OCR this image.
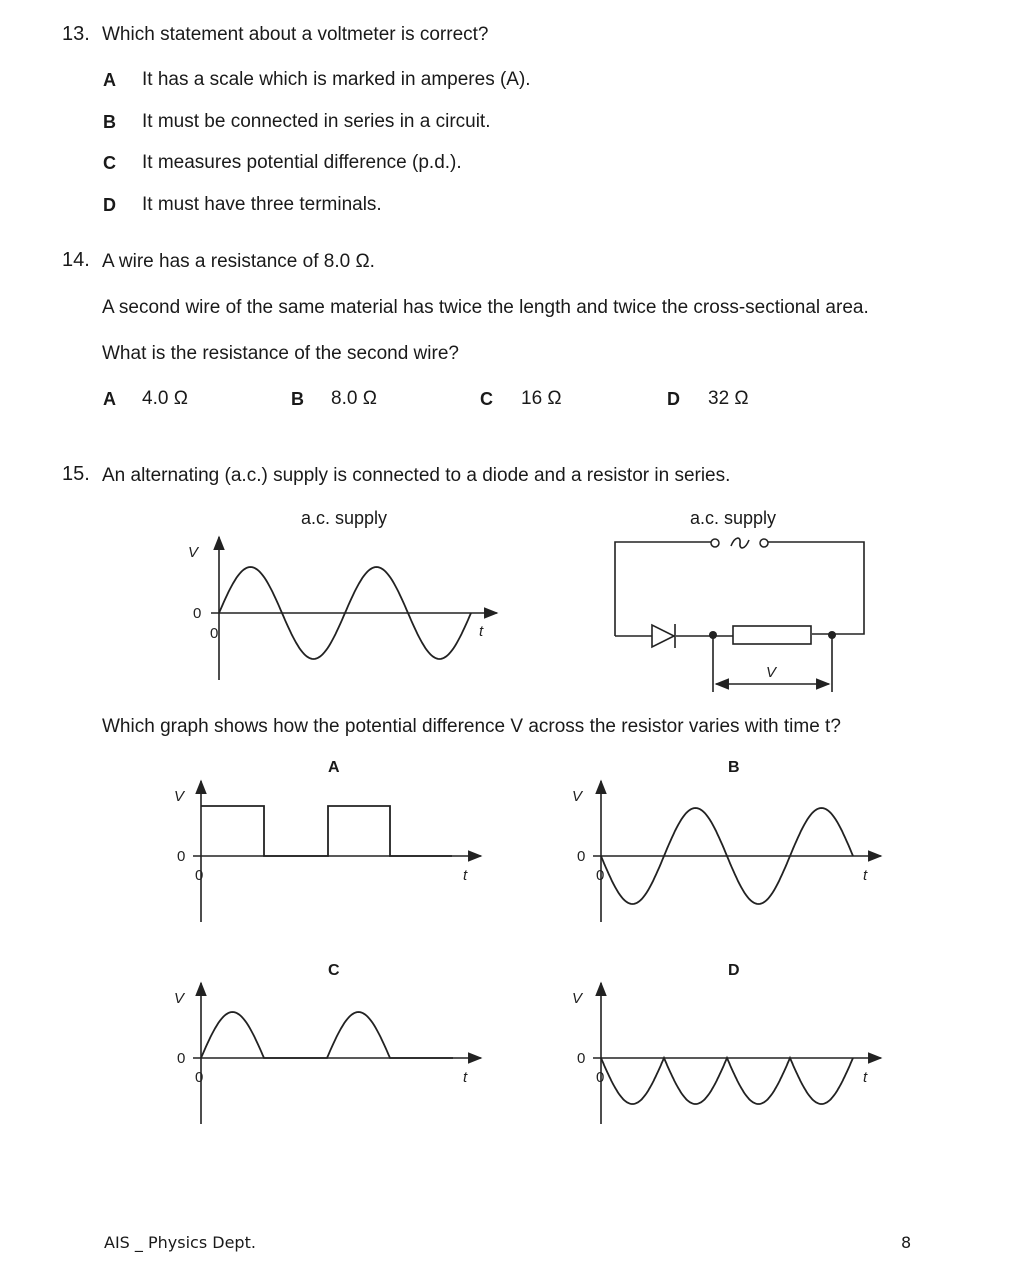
13. Which statement about a voltmeter is correct?
A It has a scale which is marked in amperes (A).
B It must be connected in series in a circuit.
C It measures potential difference (p.d.).
D It must have three terminals.
14. A wire has a resistance of 8.0 Ω.
A second wire of the same material has twice the length and twice the cross-sectional area.
What is the resistance of the second wire?
A 4.0 Ω	B 8.0 Ω	C 16 Ω	D 32 Ω
15. An alternating (a.c.) supply is connected to a diode and a resistor in series.
a.c. supply	a.c. supply
Which graph shows how the potential difference V across the resistor varies with time t?
A	B
C	D
V
0
0	t
V
V
0
0	t
V
0
0	t
V
0
0	t
V
0
0	t
AIS _ Physics Dept.	8
